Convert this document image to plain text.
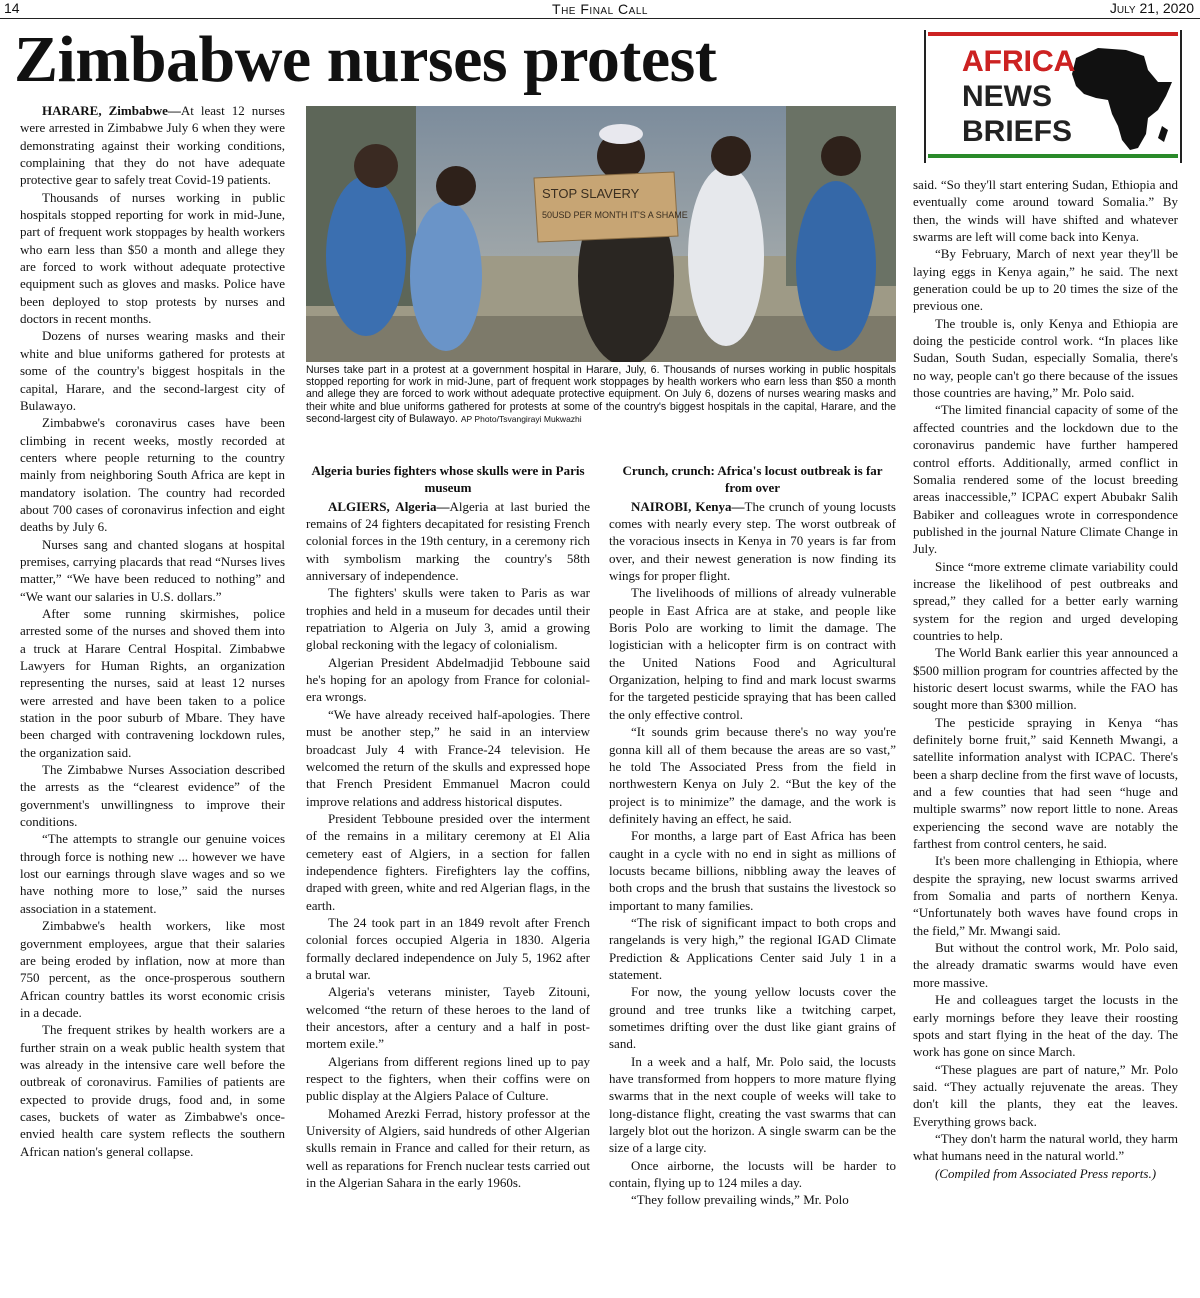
14	The Final Call	July 21, 2020
Zimbabwe nurses protest	AFRICA
NEWS
BRIEFS
STOP SLAVERY
50USD PER MONTH IT'S A SHAME
Nurses take part in a protest at a government hospital in Harare, July, 6. Thousands of nurses working in public hospitals stopped reporting for work in mid-June, part of frequent work stoppages by health workers who earn less than $50 a month and allege they are forced to work without adequate protective equipment. On July 6, dozens of nurses wearing masks and their white and blue uniforms gathered for protests at some of the country's biggest hospitals in the capital, Harare, and the second-largest city of Bulawayo. AP Photo/Tsvangirayi Mukwazhi

HARARE, Zimbabwe—At least 12 nurses were arrested in Zimbabwe July 6 when they were demonstrating against their working conditions, complaining that they do not have adequate protective gear to safely treat Covid-19 patients.

Thousands of nurses working in public hospitals stopped reporting for work in mid-June, part of frequent work stoppages by health workers who earn less than $50 a month and allege they are forced to work without adequate protective equipment such as gloves and masks. Police have been deployed to stop protests by nurses and doctors in recent months.

Dozens of nurses wearing masks and their white and blue uniforms gathered for protests at some of the country's biggest hospitals in the capital, Harare, and the second-largest city of Bulawayo.

Zimbabwe's coronavirus cases have been climbing in recent weeks, mostly recorded at centers where people returning to the country mainly from neighboring South Africa are kept in mandatory isolation. The country had recorded about 700 cases of coronavirus infection and eight deaths by July 6.

Nurses sang and chanted slogans at hospital premises, carrying placards that read “Nurses lives matter,” “We have been reduced to nothing” and “We want our salaries in U.S. dollars.”

After some running skirmishes, police arrested some of the nurses and shoved them into a truck at Harare Central Hospital. Zimbabwe Lawyers for Human Rights, an organization representing the nurses, said at least 12 nurses were arrested and have been taken to a police station in the poor suburb of Mbare. They have been charged with contravening lockdown rules, the organization said.

The Zimbabwe Nurses Association described the arrests as the “clearest evidence” of the government's unwillingness to improve their conditions.

“The attempts to strangle our genuine voices through force is nothing new ... however we have lost our earnings through slave wages and so we have nothing more to lose,” said the nurses association in a statement.

Zimbabwe's health workers, like most government employees, argue that their salaries are being eroded by inflation, now at more than 750 percent, as the once-prosperous southern African country battles its worst economic crisis in a decade.

The frequent strikes by health workers are a further strain on a weak public health system that was already in the intensive care well before the outbreak of coronavirus. Families of patients are expected to provide drugs, food and, in some cases, buckets of water as Zimbabwe's once-envied health care system reflects the southern African nation's general collapse.

Algeria buries fighters whose skulls were in Paris museum

ALGIERS, Algeria—Algeria at last buried the remains of 24 fighters decapitated for resisting French colonial forces in the 19th century, in a ceremony rich with symbolism marking the country's 58th anniversary of independence.

The fighters' skulls were taken to Paris as war trophies and held in a museum for decades until their repatriation to Algeria on July 3, amid a growing global reckoning with the legacy of colonialism.

Algerian President Abdelmadjid Tebboune said he's hoping for an apology from France for colonial-era wrongs.

“We have already received half-apologies. There must be another step,” he said in an interview broadcast July 4 with France-24 television. He welcomed the return of the skulls and expressed hope that French President Emmanuel Macron could improve relations and address historical disputes.

President Tebboune presided over the interment of the remains in a military ceremony at El Alia cemetery east of Algiers, in a section for fallen independence fighters. Firefighters lay the coffins, draped with green, white and red Algerian flags, in the earth.

The 24 took part in an 1849 revolt after French colonial forces occupied Algeria in 1830. Algeria formally declared independence on July 5, 1962 after a brutal war.

Algeria's veterans minister, Tayeb Zitouni, welcomed “the return of these heroes to the land of their ancestors, after a century and a half in post-mortem exile.”

Algerians from different regions lined up to pay respect to the fighters, when their coffins were on public display at the Algiers Palace of Culture.

Mohamed Arezki Ferrad, history professor at the University of Algiers, said hundreds of other Algerian skulls remain in France and called for their return, as well as reparations for French nuclear tests carried out in the Algerian Sahara in the early 1960s.

Crunch, crunch: Africa's locust outbreak is far from over

NAIROBI, Kenya—The crunch of young locusts comes with nearly every step. The worst outbreak of the voracious insects in Kenya in 70 years is far from over, and their newest generation is now finding its wings for proper flight.

The livelihoods of millions of already vulnerable people in East Africa are at stake, and people like Boris Polo are working to limit the damage. The logistician with a helicopter firm is on contract with the United Nations Food and Agricultural Organization, helping to find and mark locust swarms for the targeted pesticide spraying that has been called the only effective control.

“It sounds grim because there's no way you're gonna kill all of them because the areas are so vast,” he told The Associated Press from the field in northwestern Kenya on July 2. “But the key of the project is to minimize” the damage, and the work is definitely having an effect, he said.

For months, a large part of East Africa has been caught in a cycle with no end in sight as millions of locusts became billions, nibbling away the leaves of both crops and the brush that sustains the livestock so important to many families.

“The risk of significant impact to both crops and rangelands is very high,” the regional IGAD Climate Prediction & Applications Center said July 1 in a statement.

For now, the young yellow locusts cover the ground and tree trunks like a twitching carpet, sometimes drifting over the dust like giant grains of sand.

In a week and a half, Mr. Polo said, the locusts have transformed from hoppers to more mature flying swarms that in the next couple of weeks will take to long-distance flight, creating the vast swarms that can largely blot out the horizon. A single swarm can be the size of a large city.

Once airborne, the locusts will be harder to contain, flying up to 124 miles a day.

“They follow prevailing winds,” Mr. Polo

said. “So they'll start entering Sudan, Ethiopia and eventually come around toward Somalia.” By then, the winds will have shifted and whatever swarms are left will come back into Kenya.

“By February, March of next year they'll be laying eggs in Kenya again,” he said. The next generation could be up to 20 times the size of the previous one.

The trouble is, only Kenya and Ethiopia are doing the pesticide control work. “In places like Sudan, South Sudan, especially Somalia, there's no way, people can't go there because of the issues those countries are having,” Mr. Polo said.

“The limited financial capacity of some of the affected countries and the lockdown due to the coronavirus pandemic have further hampered control efforts. Additionally, armed conflict in Somalia rendered some of the locust breeding areas inaccessible,” ICPAC expert Abubakr Salih Babiker and colleagues wrote in correspondence published in the journal Nature Climate Change in July.

Since “more extreme climate variability could increase the likelihood of pest outbreaks and spread,” they called for a better early warning system for the region and urged developing countries to help.

The World Bank earlier this year announced a $500 million program for countries affected by the historic desert locust swarms, while the FAO has sought more than $300 million.

The pesticide spraying in Kenya “has definitely borne fruit,” said Kenneth Mwangi, a satellite information analyst with ICPAC. There's been a sharp decline from the first wave of locusts, and a few counties that had seen “huge and multiple swarms” now report little to none. Areas experiencing the second wave are notably the farthest from control centers, he said.

It's been more challenging in Ethiopia, where despite the spraying, new locust swarms arrived from Somalia and parts of northern Kenya. “Unfortunately both waves have found crops in the field,” Mr. Mwangi said.

But without the control work, Mr. Polo said, the already dramatic swarms would have even more massive.

He and colleagues target the locusts in the early mornings before they leave their roosting spots and start flying in the heat of the day. The work has gone on since March.

“These plagues are part of nature,” Mr. Polo said. “They actually rejuvenate the areas. They don't kill the plants, they eat the leaves. Everything grows back.

“They don't harm the natural world, they harm what humans need in the natural world.”

(Compiled from Associated Press reports.)
